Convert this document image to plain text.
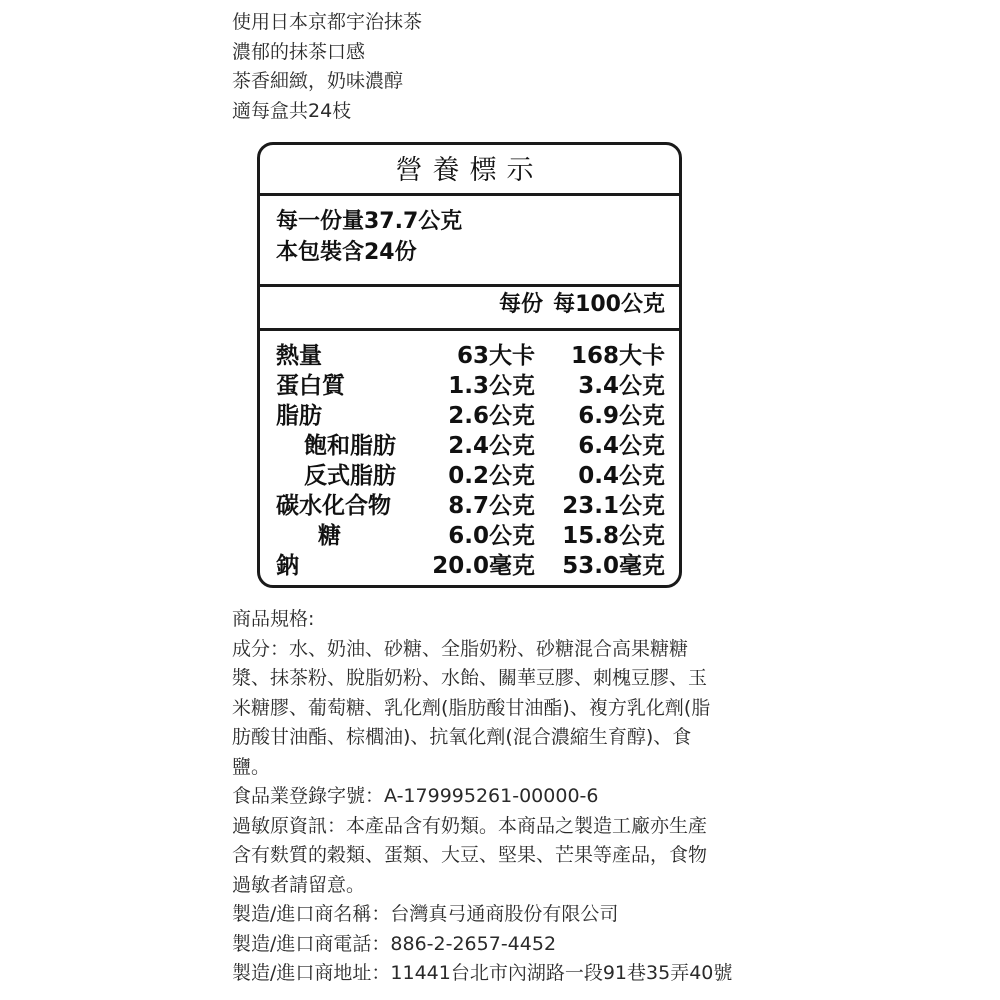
使用日本京都宇治抹茶
濃郁的抹茶口感
茶香細緻，奶味濃醇
適每盒共24枝
營養標示
每一份量37.7公克
本包裝含24份
每份 每100公克
熱量	63大卡	168大卡
蛋白質	1.3公克	3.4公克
脂肪	2.6公克	6.9公克
飽和脂肪	2.4公克	6.4公克
反式脂肪	0.2公克	0.4公克
碳水化合物	8.7公克	23.1公克
糖	6.0公克	15.8公克
鈉	20.0毫克	53.0毫克
商品規格:
成分：水、奶油、砂糖、全脂奶粉、砂糖混合高果糖糖
漿、抹茶粉、脫脂奶粉、水飴、關華豆膠、刺槐豆膠、玉
米糖膠、葡萄糖、乳化劑(脂肪酸甘油酯)、複方乳化劑(脂
肪酸甘油酯、棕櫚油)、抗氧化劑(混合濃縮生育醇)、食
鹽。
食品業登錄字號：A-179995261-00000-6
過敏原資訊：本產品含有奶類。本商品之製造工廠亦生產
含有麩質的穀類、蛋類、大豆、堅果、芒果等產品，食物
過敏者請留意。
製造/進口商名稱：台灣真弓通商股份有限公司
製造/進口商電話：886-2-2657-4452
製造/進口商地址：11441台北市內湖路一段91巷35弄40號
